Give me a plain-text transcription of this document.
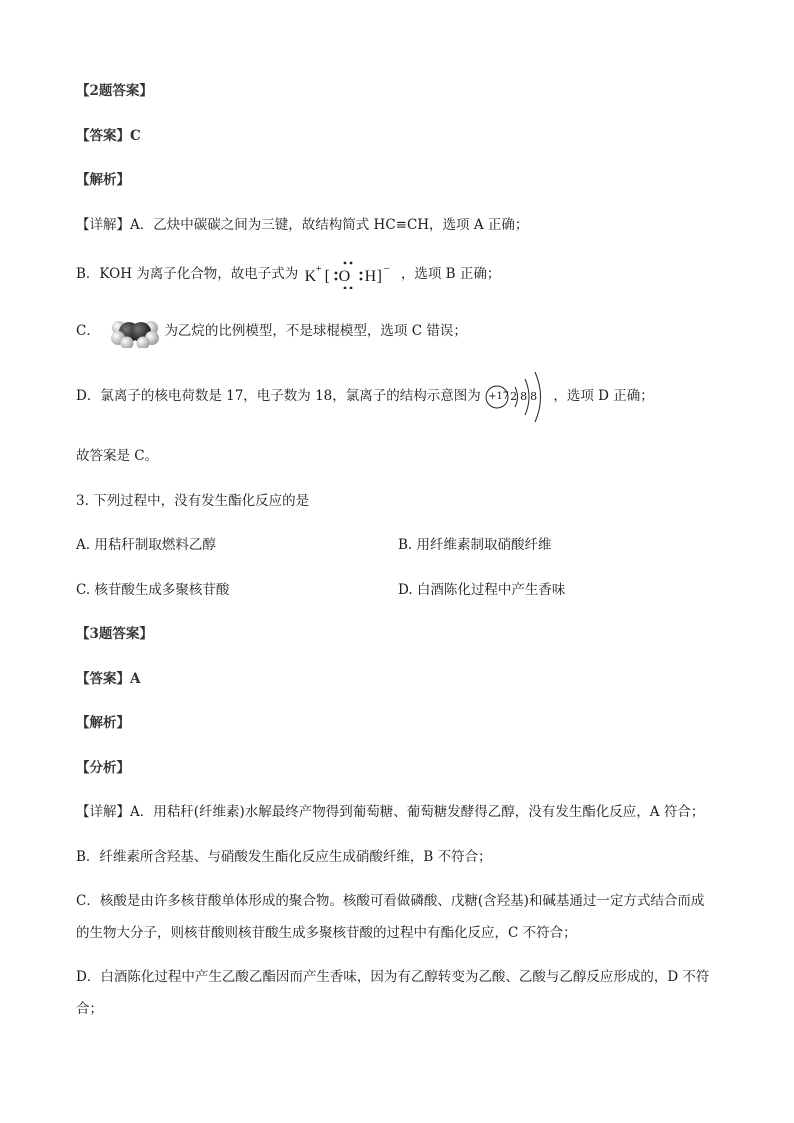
【2题答案】
【答案】C
【解析】
【详解】A．乙炔中碳碳之间为三键，故结构简式 HC≡CH，选项 A 正确；
B．KOH 为离子化合物，故电子式为 K + [ O H ] − ，选项 B 正确；
C．	为乙烷的比例模型，不是球棍模型，选项 C 错误；
D．氯离子的核电荷数是 17，电子数为 18，氯离子的结构示意图为 +17 2 8 8 ，选项 D 正确；
故答案是 C。
3. 下列过程中，没有发生酯化反应的是
A. 用秸秆制取燃料乙醇	B. 用纤维素制取硝酸纤维
C. 核苷酸生成多聚核苷酸	D. 白酒陈化过程中产生香味
【3题答案】
【答案】A
【解析】
【分析】
【详解】A．用秸秆(纤维素)水解最终产物得到葡萄糖、葡萄糖发酵得乙醇，没有发生酯化反应，A 符合；
B．纤维素所含羟基、与硝酸发生酯化反应生成硝酸纤维，B 不符合；
C．核酸是由许多核苷酸单体形成的聚合物。核酸可看做磷酸、戊糖(含羟基)和碱基通过一定方式结合而成
的生物大分子，则核苷酸则核苷酸生成多聚核苷酸的过程中有酯化反应，C 不符合；
D．白酒陈化过程中产生乙酸乙酯因而产生香味，因为有乙醇转变为乙酸、乙酸与乙醇反应形成的，D 不符
合；
